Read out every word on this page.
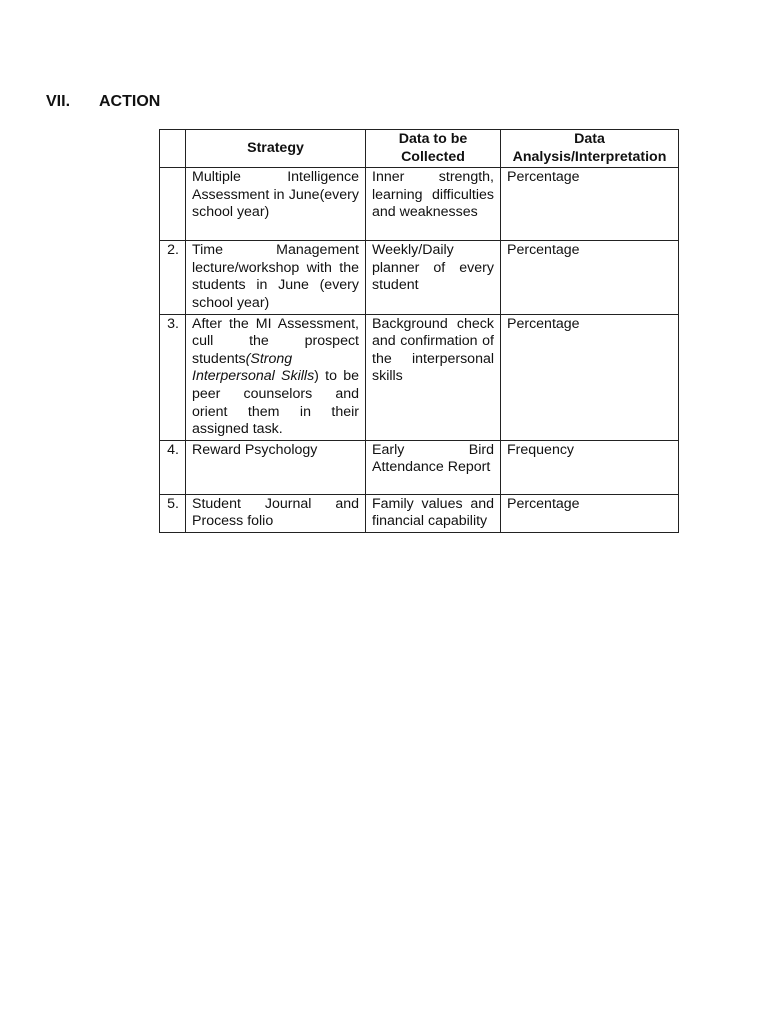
VII. ACTION
	Strategy	Data to be Collected	Data Analysis/Interpretation
	Multiple Intelligence Assessment in June(every school year)	Inner strength, learning difficulties and weaknesses	Percentage
2.	Time Management lecture/workshop with the students in June (every school year)	Weekly/Daily planner of every student	Percentage
3.	After the MI Assessment, cull the prospect students(Strong Interpersonal Skills) to be peer counselors and orient them in their assigned task.	Background check and confirmation of the interpersonal skills	Percentage
4.	Reward Psychology	Early Bird Attendance Report	Frequency
5.	Student Journal and Process folio	Family values and financial capability	Percentage
